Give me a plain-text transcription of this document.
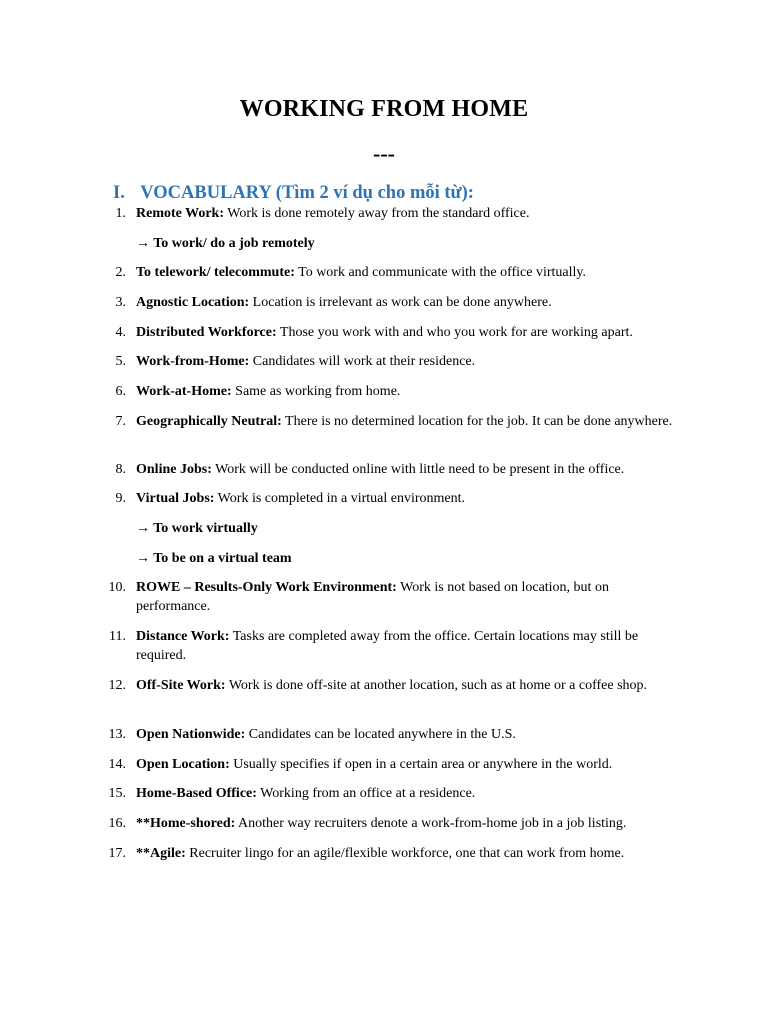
WORKING FROM HOME
---
I. VOCABULARY (Tìm 2 ví dụ cho mỗi từ):
1. Remote Work: Work is done remotely away from the standard office.
→ To work/ do a job remotely
2. To telework/ telecommute: To work and communicate with the office virtually.
3. Agnostic Location: Location is irrelevant as work can be done anywhere.
4. Distributed Workforce: Those you work with and who you work for are working apart.
5. Work-from-Home: Candidates will work at their residence.
6. Work-at-Home: Same as working from home.
7. Geographically Neutral: There is no determined location for the job. It can be done anywhere.
8. Online Jobs: Work will be conducted online with little need to be present in the office.
9. Virtual Jobs: Work is completed in a virtual environment.
→ To work virtually
→ To be on a virtual team
10. ROWE – Results-Only Work Environment: Work is not based on location, but on performance.
11. Distance Work: Tasks are completed away from the office. Certain locations may still be required.
12. Off-Site Work: Work is done off-site at another location, such as at home or a coffee shop.
13. Open Nationwide: Candidates can be located anywhere in the U.S.
14. Open Location: Usually specifies if open in a certain area or anywhere in the world.
15. Home-Based Office: Working from an office at a residence.
16. **Home-shored: Another way recruiters denote a work-from-home job in a job listing.
17. **Agile: Recruiter lingo for an agile/flexible workforce, one that can work from home.
